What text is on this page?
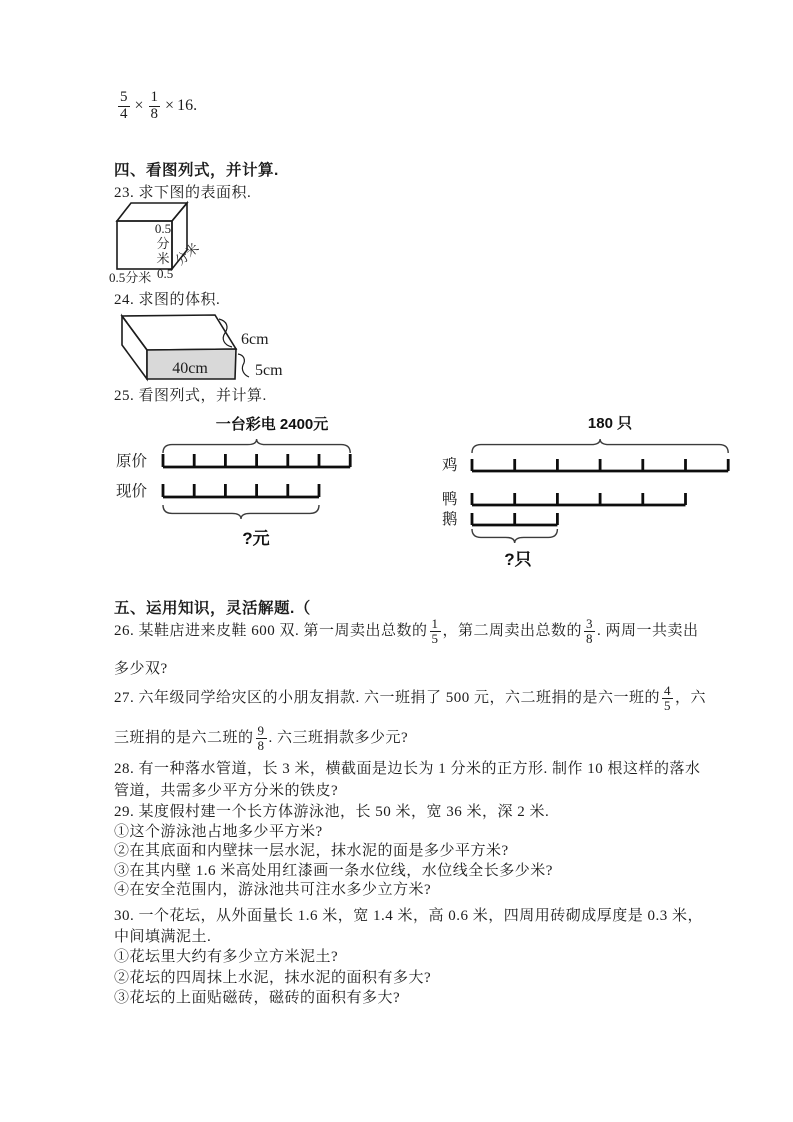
$\frac{5}{4} \times \frac{1}{8} \times 16$.
四、看图列式，并计算.
23. 求下图的表面积.
0.5
分
米
0.5分米 0.5
分米
24. 求图的体积.
40cm
6cm
5cm
25. 看图列式，并计算.
一台彩电 2400元
原价
现价
?元
180 只
鸡
鸭
鹅
?只
五、运用知识，灵活解题.（
26. 某鞋店进来皮鞋 600 双. 第一周卖出总数的 $\frac{1}{5}$ ，第二周卖出总数的 $\frac{3}{8}$ . 两周一共卖出多少双?
27. 六年级同学给灾区的小朋友捐款. 六一班捐了 500 元，六二班捐的是六一班的 $\frac{4}{5}$ ，六三班捐的是六二班的 $\frac{9}{8}$ . 六三班捐款多少元?
28. 有一种落水管道，长 3 米，横截面是边长为 1 分米的正方形. 制作 10 根这样的落水管道，共需多少平方分米的铁皮?
29. 某度假村建一个长方体游泳池，长 50 米，宽 36 米，深 2 米.
①这个游泳池占地多少平方米?
②在其底面和内壁抹一层水泥，抹水泥的面是多少平方米?
③在其内壁 1.6 米高处用红漆画一条水位线，水位线全长多少米?
④在安全范围内，游泳池共可注水多少立方米?
30. 一个花坛，从外面量长 1.6 米，宽 1.4 米，高 0.6 米，四周用砖砌成厚度是 0.3 米，中间填满泥土.
①花坛里大约有多少立方米泥土?
②花坛的四周抹上水泥，抹水泥的面积有多大?
③花坛的上面贴磁砖，磁砖的面积有多大?
